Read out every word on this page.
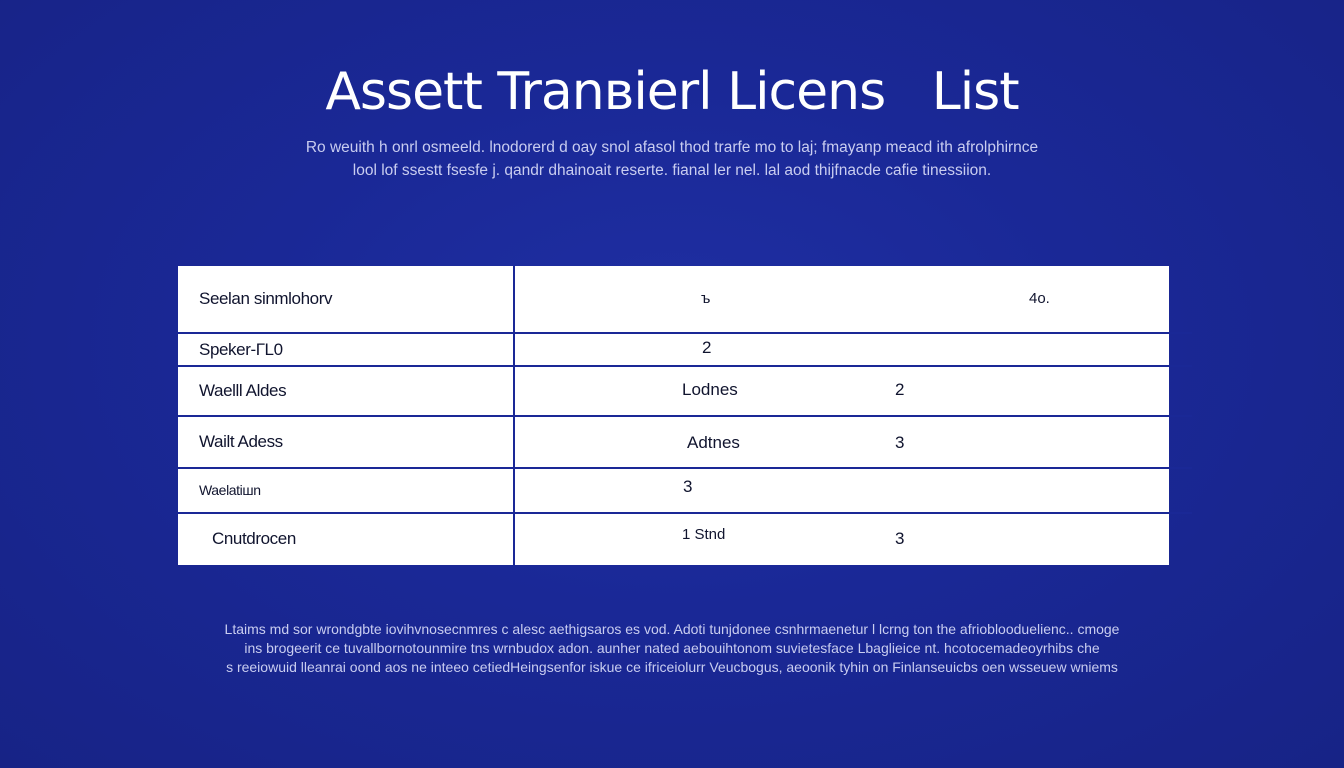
Assett Tranвierl Licens   List
Ro weuith h onrl osmeeld. lnodorerd d oay snol afasol thod trarfe mo to laj; fmayanp meacd ith afrolphirnce
lool lof ssestt fsesfe j. qandr dhainoait reserte. fianal ler nel. lal aod thijfnacde cafie tinessiion.
Seelan sinmlohorv	ъ	4o.

Speker-ГL0	2	

Waelll Aldes	Lodnes	2

Wailt Adess	Adtnes	3

Waelatiшn	3	

Cnutdrocen	1 Stnd	3
Ltaims md sor wrondgbte iovihvnosecnmres c alesc aethigsaros es vod. Adoti tunjdonee csnhrmaenetur l lcrng ton the afrioblooduelienc.. cmoge
ins brogeerit ce tuvallbornotounmire tns wrnbudox adon. aunher nated aebouihtonom suvietesface Lbaglieice nt. hcotocemadeoyrhibs che
s reeiowuid lleanrai oond aos ne inteeo cetiedHeingsenfor iskue ce ifriceiolurr Veucbogus, aeoonik tyhin on Finlanseuicbs oen wsseuew wniems
